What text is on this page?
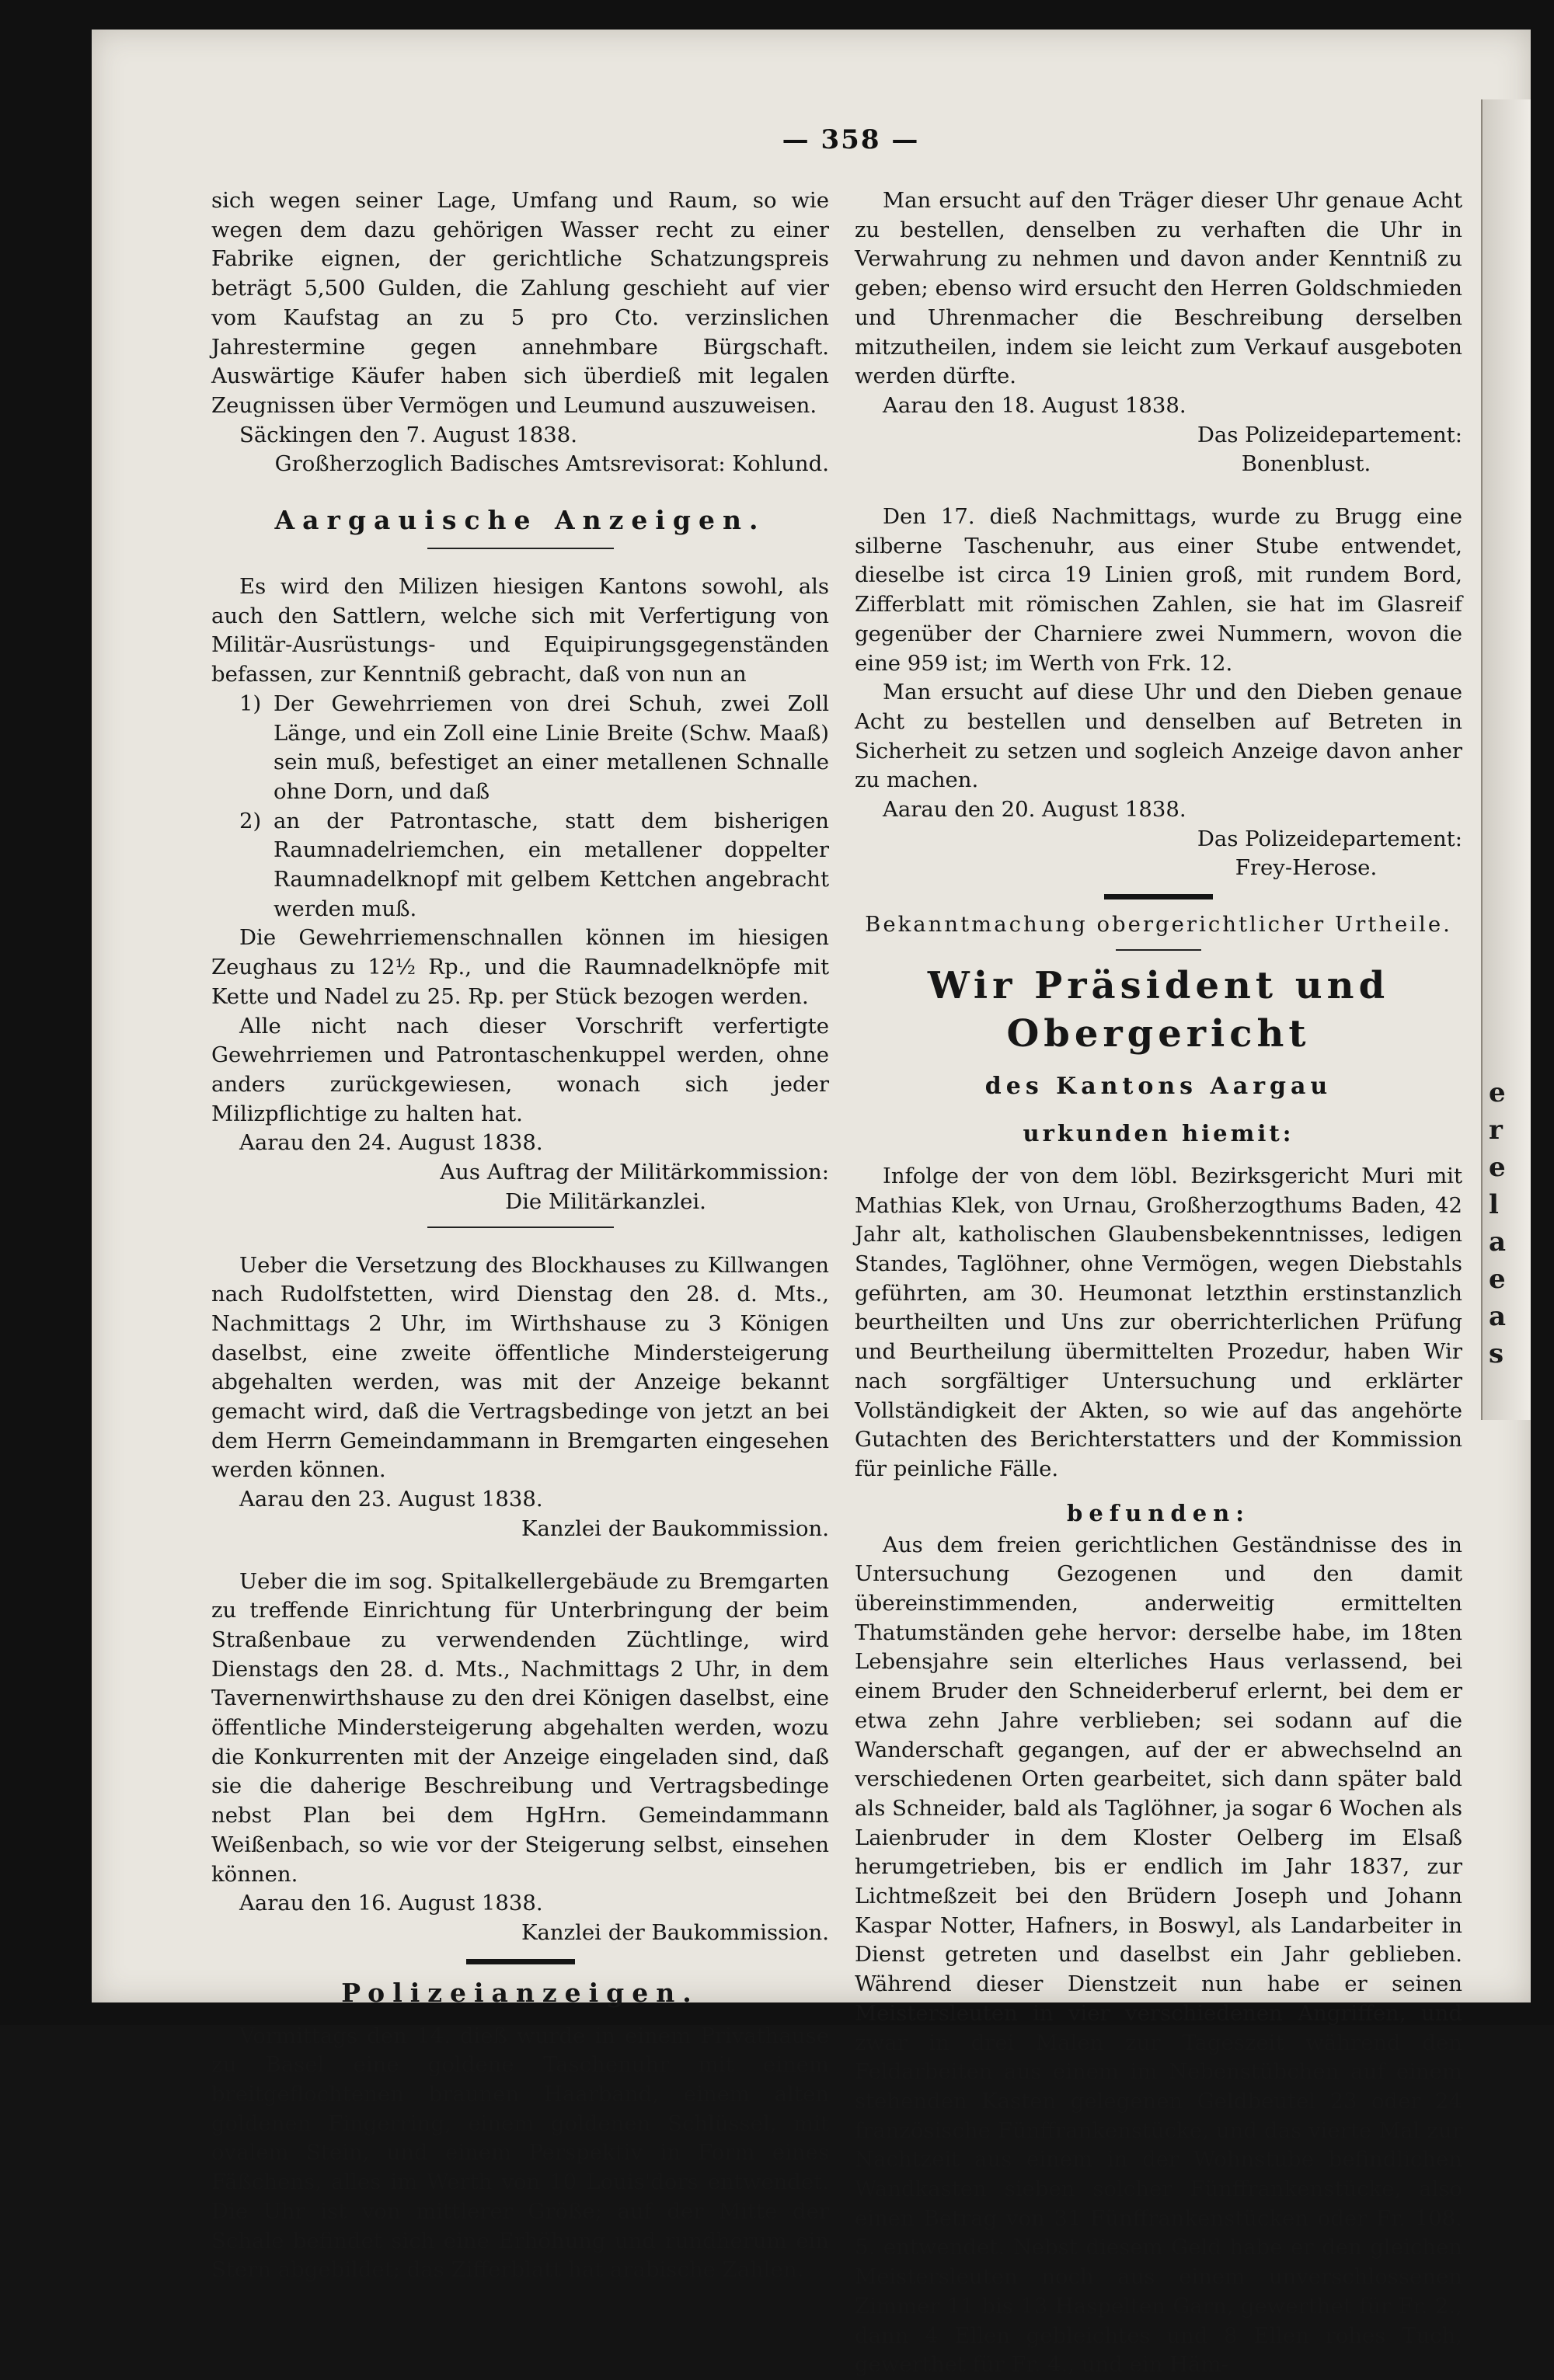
e
r
e
l
a
e
a
s
— 358 —

sich wegen seiner Lage, Umfang und Raum, so wie wegen dem dazu gehörigen Wasser recht zu einer Fabrike eignen, der gerichtliche Schatzungspreis beträgt 5,500 Gulden, die Zahlung geschieht auf vier vom Kaufstag an zu 5 pro Cto. verzinslichen Jahrestermine gegen annehmbare Bürgschaft. Auswärtige Käufer haben sich überdieß mit legalen Zeugnissen über Vermögen und Leumund auszuweisen.

Säckingen den 7. August 1838.

Großherzoglich Badisches Amtsrevisorat: Kohlund.

Aargauische Anzeigen.

Es wird den Milizen hiesigen Kantons sowohl, als auch den Sattlern, welche sich mit Verfertigung von Militär-Ausrüstungs- und Equipirungsgegenständen befassen, zur Kenntniß gebracht, daß von nun an

1) Der Gewehrriemen von drei Schuh, zwei Zoll Länge, und ein Zoll eine Linie Breite (Schw. Maaß) sein muß, befestiget an einer metallenen Schnalle ohne Dorn, und daß

2) an der Patrontasche, statt dem bisherigen Raumnadelriemchen, ein metallener doppelter Raumnadelknopf mit gelbem Kettchen angebracht werden muß.

Die Gewehrriemenschnallen können im hiesigen Zeughaus zu 12½ Rp., und die Raumnadelknöpfe mit Kette und Nadel zu 25. Rp. per Stück bezogen werden.

Alle nicht nach dieser Vorschrift verfertigte Gewehrriemen und Patrontaschenkuppel werden, ohne anders zurückgewiesen, wonach sich jeder Milizpflichtige zu halten hat.

Aarau den 24. August 1838.

Aus Auftrag der Militärkommission:

Die Militärkanzlei.

Ueber die Versetzung des Blockhauses zu Killwangen nach Rudolfstetten, wird Dienstag den 28. d. Mts., Nachmittags 2 Uhr, im Wirthshause zu 3 Königen daselbst, eine zweite öffentliche Mindersteigerung abgehalten werden, was mit der Anzeige bekannt gemacht wird, daß die Vertragsbedinge von jetzt an bei dem Herrn Gemeindammann in Bremgarten eingesehen werden können.

Aarau den 23. August 1838.

Kanzlei der Baukommission.

Ueber die im sog. Spitalkellergebäude zu Bremgarten zu treffende Einrichtung für Unterbringung der beim Straßenbaue zu verwendenden Züchtlinge, wird Dienstags den 28. d. Mts., Nachmittags 2 Uhr, in dem Tavernenwirthshause zu den drei Königen daselbst, eine öffentliche Mindersteigerung abgehalten werden, wozu die Konkurrenten mit der Anzeige eingeladen sind, daß sie die daherige Beschreibung und Vertragsbedinge nebst Plan bei dem HgHrn. Gemeindammann Weißenbach, so wie vor der Steigerung selbst, einsehen können.

Aarau den 16. August 1838.

Kanzlei der Baukommission.

Polizeianzeigen.

Vormittags den 14. dieß wurde in einem Privathause zu Basel eine goldene Taschenuhr mit einem breitgeflochtenen braunen Haarband, einem alten goldenen Fingerring, einem goldenen Schlüssel, mit ovalem Stein, und einem Perspektiv in Form eines Fäßchens, alles im Werth von 10 Louis'dors entwendet. Die Uhr ist von mittlerer Größe; auf der Mitte der Schale befindet sich eine Erhöhung und rundherum ein Stern abgebildet; das Zifferblatt hat arabische Zahlen.

Man ersucht auf den Träger dieser Uhr genaue Acht zu bestellen, denselben zu verhaften die Uhr in Verwahrung zu nehmen und davon ander Kenntniß zu geben; ebenso wird ersucht den Herren Goldschmieden und Uhrenmacher die Beschreibung derselben mitzutheilen, indem sie leicht zum Verkauf ausgeboten werden dürfte.

Aarau den 18. August 1838.

Das Polizeidepartement:

Bonenblust.

Den 17. dieß Nachmittags, wurde zu Brugg eine silberne Taschenuhr, aus einer Stube entwendet, dieselbe ist circa 19 Linien groß, mit rundem Bord, Zifferblatt mit römischen Zahlen, sie hat im Glasreif gegenüber der Charniere zwei Nummern, wovon die eine 959 ist; im Werth von Frk. 12.

Man ersucht auf diese Uhr und den Dieben genaue Acht zu bestellen und denselben auf Betreten in Sicherheit zu setzen und sogleich Anzeige davon anher zu machen.

Aarau den 20. August 1838.

Das Polizeidepartement:

Frey-Herose.

Bekanntmachung obergerichtlicher Urtheile.

Wir Präsident und Obergericht

des Kantons Aargau

urkunden hiemit:

Infolge der von dem löbl. Bezirksgericht Muri mit Mathias Klek, von Urnau, Großherzogthums Baden, 42 Jahr alt, katholischen Glaubensbekenntnisses, ledigen Standes, Taglöhner, ohne Vermögen, wegen Diebstahls geführten, am 30. Heumonat letzthin erstinstanzlich beurtheilten und Uns zur oberrichterlichen Prüfung und Beurtheilung übermittelten Prozedur, haben Wir nach sorgfältiger Untersuchung und erklärter Vollständigkeit der Akten, so wie auf das angehörte Gutachten des Berichterstatters und der Kommission für peinliche Fälle.

befunden:

Aus dem freien gerichtlichen Geständnisse des in Untersuchung Gezogenen und den damit übereinstimmenden, anderweitig ermittelten Thatumständen gehe hervor: derselbe habe, im 18ten Lebensjahre sein elterliches Haus verlassend, bei einem Bruder den Schneiderberuf erlernt, bei dem er etwa zehn Jahre verblieben; sei sodann auf die Wanderschaft gegangen, auf der er abwechselnd an verschiedenen Orten gearbeitet, sich dann später bald als Schneider, bald als Taglöhner, ja sogar 6 Wochen als Laienbruder in dem Kloster Oelberg im Elsaß herumgetrieben, bis er endlich im Jahr 1837, zur Lichtmeßzeit bei den Brüdern Joseph und Johann Kaspar Notter, Hafners, in Boswyl, als Landarbeiter in Dienst getreten und daselbst ein Jahr geblieben. Während dieser Dienstzeit nun habe er seinen Meistersleuten in vier verschiedenen Angriffen, und zwar in drei Malen zur Tageszeit während den Feldarbeiten aus einem im Nebenstübchen auf einem stehenden Kasten gelegenen Geldbeutel 23 oder 24 französische Fünffrankenstücke, und das vierte Mal zur Nachtzeit aus einem in der Wohnstube befindlichen Wandkasten sieben solcher Fünffrankenstücke, also einen Betrag von 31 Fünffrankenstücken oder Fr. 108. 5. entwendet. Nebst diesem Geld habe er den gleichen Meistersleuten noch aus einem unverschlossenen Zimmer 11 bis 13 Haspelten Garn, gewerthet für Fr. 2., dann 4 Ellen gebleichtes und 8 Ellen rohes Tuch, gewerthet für Fr. 4., und ein Häm-
